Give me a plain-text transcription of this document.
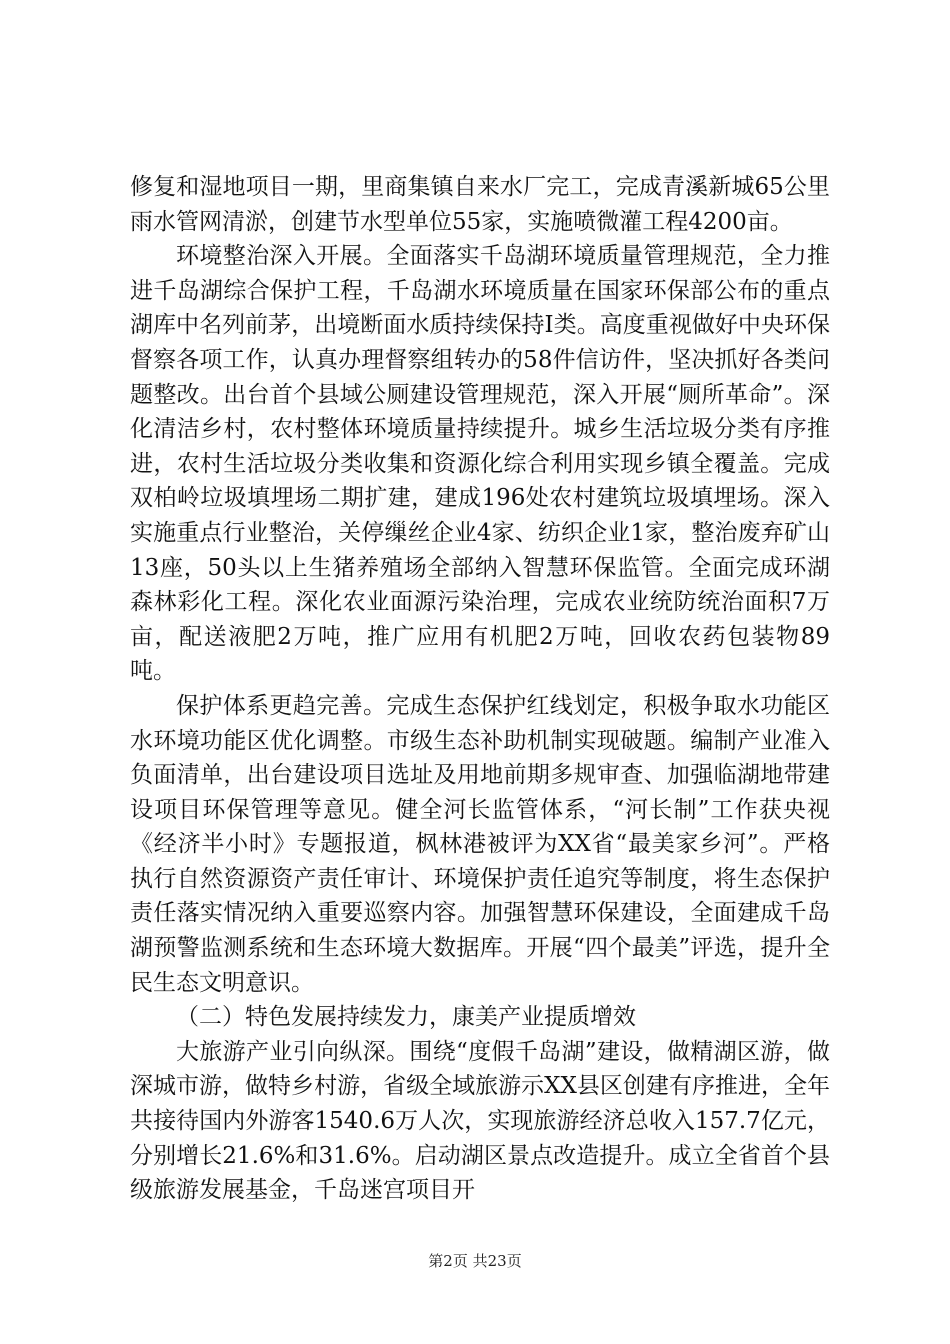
修复和湿地项目一期，里商集镇自来水厂完工，完成青溪新城65公里雨水管网清淤，创建节水型单位55家，实施喷微灌工程4200亩。

环境整治深入开展。全面落实千岛湖环境质量管理规范，全力推进千岛湖综合保护工程，千岛湖水环境质量在国家环保部公布的重点湖库中名列前茅，出境断面水质持续保持Ⅰ类。高度重视做好中央环保督察各项工作，认真办理督察组转办的58件信访件，坚决抓好各类问题整改。出台首个县域公厕建设管理规范，深入开展“厕所革命”。深化清洁乡村，农村整体环境质量持续提升。城乡生活垃圾分类有序推进，农村生活垃圾分类收集和资源化综合利用实现乡镇全覆盖。完成双柏岭垃圾填埋场二期扩建，建成196处农村建筑垃圾填埋场。深入实施重点行业整治，关停缫丝企业4家、纺织企业1家，整治废弃矿山13座，50头以上生猪养殖场全部纳入智慧环保监管。全面完成环湖森林彩化工程。深化农业面源污染治理，完成农业统防统治面积7万亩，配送液肥2万吨，推广应用有机肥2万吨，回收农药包装物89吨。

保护体系更趋完善。完成生态保护红线划定，积极争取水功能区水环境功能区优化调整。市级生态补助机制实现破题。编制产业准入负面清单，出台建设项目选址及用地前期多规审查、加强临湖地带建设项目环保管理等意见。健全河长监管体系，“河长制”工作获央视《经济半小时》专题报道，枫林港被评为XX省“最美家乡河”。严格执行自然资源资产责任审计、环境保护责任追究等制度，将生态保护责任落实情况纳入重要巡察内容。加强智慧环保建设，全面建成千岛湖预警监测系统和生态环境大数据库。开展“四个最美”评选，提升全民生态文明意识。

（二）特色发展持续发力，康美产业提质增效

大旅游产业引向纵深。围绕“度假千岛湖”建设，做精湖区游，做深城市游，做特乡村游，省级全域旅游示XX县区创建有序推进，全年共接待国内外游客1540.6万人次，实现旅游经济总收入157.7亿元，分别增长21.6%和31.6%。启动湖区景点改造提升。成立全省首个县级旅游发展基金，千岛迷宫项目开

第2页 共23页
